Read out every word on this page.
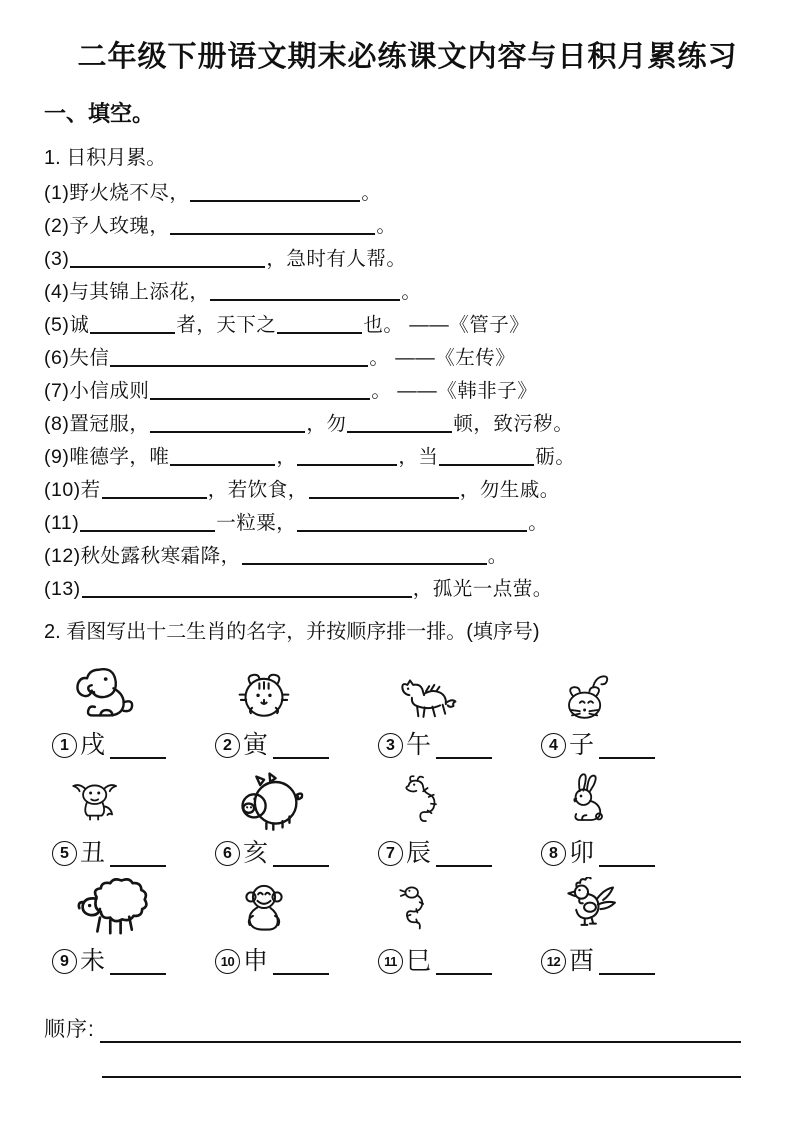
二年级下册语文期末必练课文内容与日积月累练习
一、填空。
1. 日积月累。
(1)野火烧不尽，	。
(2)予人玫瑰，	。
(3)	，急时有人帮。
(4)与其锦上添花，	。
(5)诚	者，天下之	也。 ——《管子》
(6)失信	。 ——《左传》
(7)小信成则	。 ——《韩非子》
(8)置冠服，	，勿	顿，致污秽。
(9)唯德学，唯	，	，当	砺。
(10)若	，若饮食，	，勿生戚。
(11)	一粒粟，	。
(12)秋处露秋寒霜降，	。
(13)	，孤光一点萤。
2. 看图写出十二生肖的名字，并按顺序排一排。(填序号)
1 戌	2 寅	3 午	4 子
5 丑	6 亥	7 辰	8 卯
9 未	10 申	11 巳	12 酉
顺序:
